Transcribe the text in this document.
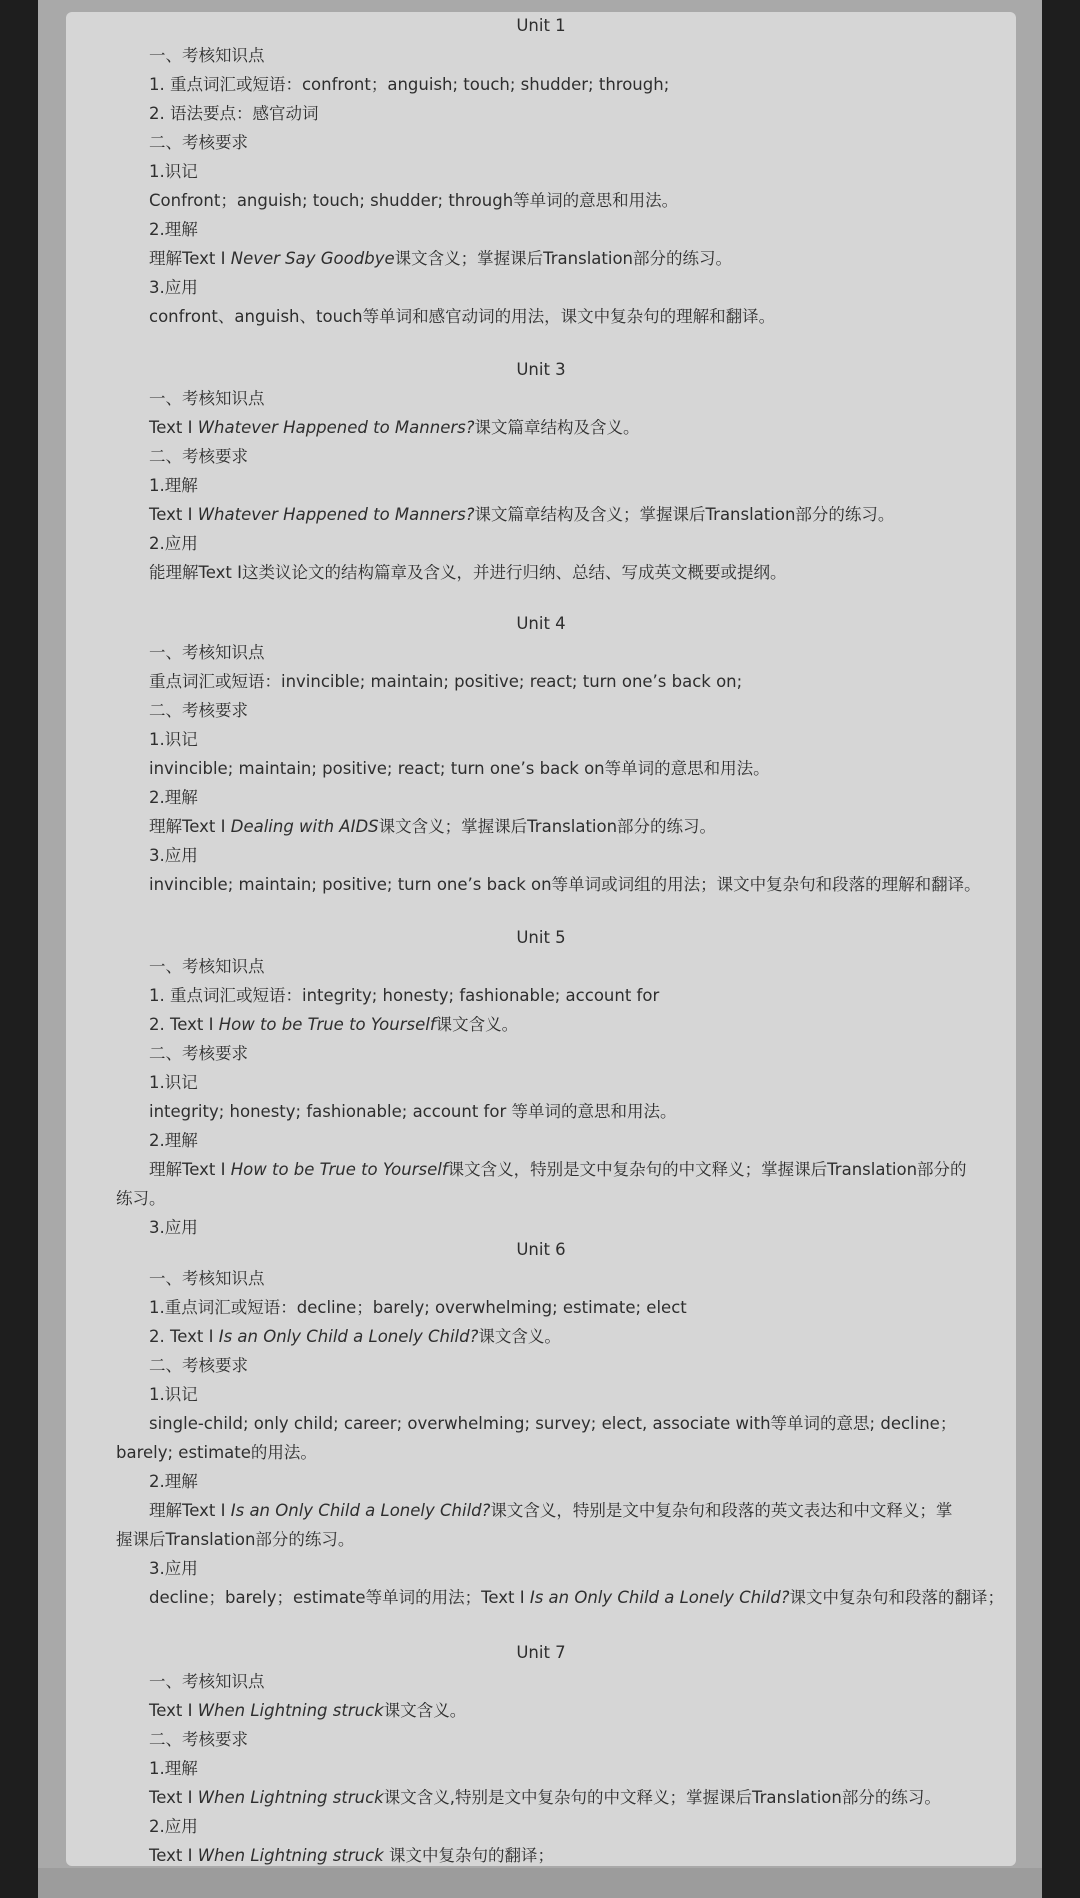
Unit 1
一、考核知识点
1. 重点词汇或短语：confront；anguish; touch; shudder; through;
2. 语法要点：感官动词
二、考核要求
1.识记
Confront；anguish; touch; shudder; through等单词的意思和用法。
2.理解
理解Text I Never Say Goodbye课文含义；掌握课后Translation部分的练习。
3.应用
confront、anguish、touch等单词和感官动词的用法，课文中复杂句的理解和翻译。
Unit 3
一、考核知识点
Text I Whatever Happened to Manners?课文篇章结构及含义。
二、考核要求
1.理解
Text I Whatever Happened to Manners?课文篇章结构及含义；掌握课后Translation部分的练习。
2.应用
能理解Text I这类议论文的结构篇章及含义，并进行归纳、总结、写成英文概要或提纲。
Unit 4
一、考核知识点
重点词汇或短语：invincible; maintain; positive; react; turn one’s back on;
二、考核要求
1.识记
invincible; maintain; positive; react; turn one’s back on等单词的意思和用法。
2.理解
理解Text I Dealing with AIDS课文含义；掌握课后Translation部分的练习。
3.应用
invincible; maintain; positive; turn one’s back on等单词或词组的用法；课文中复杂句和段落的理解和翻译。
Unit 5
一、考核知识点
1. 重点词汇或短语：integrity; honesty; fashionable; account for
2. Text I How to be True to Yourself课文含义。
二、考核要求
1.识记
integrity; honesty; fashionable; account for 等单词的意思和用法。
2.理解
理解Text I How to be True to Yourself课文含义，特别是文中复杂句的中文释义；掌握课后Translation部分的练习。
3.应用
Unit 6
一、考核知识点
1.重点词汇或短语：decline；barely; overwhelming; estimate; elect
2. Text I Is an Only Child a Lonely Child?课文含义。
二、考核要求
1.识记
single-child; only child; career; overwhelming; survey; elect, associate with等单词的意思; decline；barely; estimate的用法。
2.理解
理解Text I Is an Only Child a Lonely Child?课文含义，特别是文中复杂句和段落的英文表达和中文释义；掌握课后Translation部分的练习。
3.应用
decline；barely；estimate等单词的用法；Text I Is an Only Child a Lonely Child?课文中复杂句和段落的翻译；
Unit 7
一、考核知识点
Text I When Lightning struck课文含义。
二、考核要求
1.理解
Text I When Lightning struck课文含义,特别是文中复杂句的中文释义；掌握课后Translation部分的练习。
2.应用
Text I When Lightning struck 课文中复杂句的翻译；
